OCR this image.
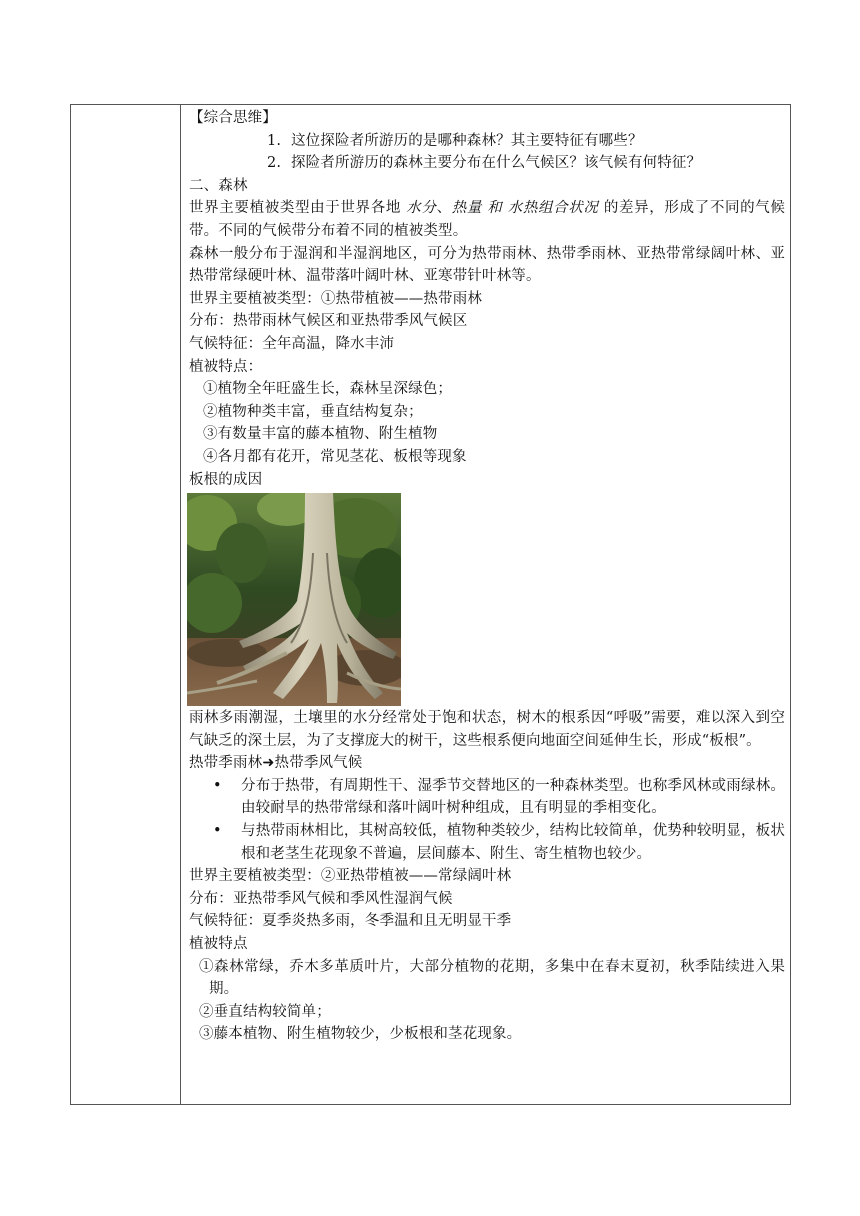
【综合思维】
1. 这位探险者所游历的是哪种森林？其主要特征有哪些？
2. 探险者所游历的森林主要分布在什么气候区？该气候有何特征？
二、森林
世界主要植被类型由于世界各地 水分、热量 和 水热组合状况 的差异，形成了不同的气候带。不同的气候带分布着不同的植被类型。
森林一般分布于湿润和半湿润地区，可分为热带雨林、热带季雨林、亚热带常绿阔叶林、亚热带常绿硬叶林、温带落叶阔叶林、亚寒带针叶林等。
世界主要植被类型：①热带植被——热带雨林
分布：热带雨林气候区和亚热带季风气候区
气候特征：全年高温，降水丰沛
植被特点：
①植物全年旺盛生长，森林呈深绿色；
②植物种类丰富，垂直结构复杂；
③有数量丰富的藤本植物、附生植物
④各月都有花开，常见茎花、板根等现象
板根的成因
雨林多雨潮湿，土壤里的水分经常处于饱和状态，树木的根系因“呼吸”需要，难以深入到空气缺乏的深土层，为了支撑庞大的树干，这些根系便向地面空间延伸生长，形成“板根”。
热带季雨林➜热带季风气候
• 分布于热带，有周期性干、湿季节交替地区的一种森林类型。也称季风林或雨绿林。由较耐旱的热带常绿和落叶阔叶树种组成，且有明显的季相变化。
• 与热带雨林相比，其树高较低，植物种类较少，结构比较简单，优势种较明显，板状根和老茎生花现象不普遍，层间藤本、附生、寄生植物也较少。
世界主要植被类型：②亚热带植被——常绿阔叶林
分布：亚热带季风气候和季风性湿润气候
气候特征：夏季炎热多雨，冬季温和且无明显干季
植被特点
①森林常绿，乔木多革质叶片，大部分植物的花期，多集中在春末夏初，秋季陆续进入果期。
②垂直结构较简单；
③藤本植物、附生植物较少，少板根和茎花现象。
